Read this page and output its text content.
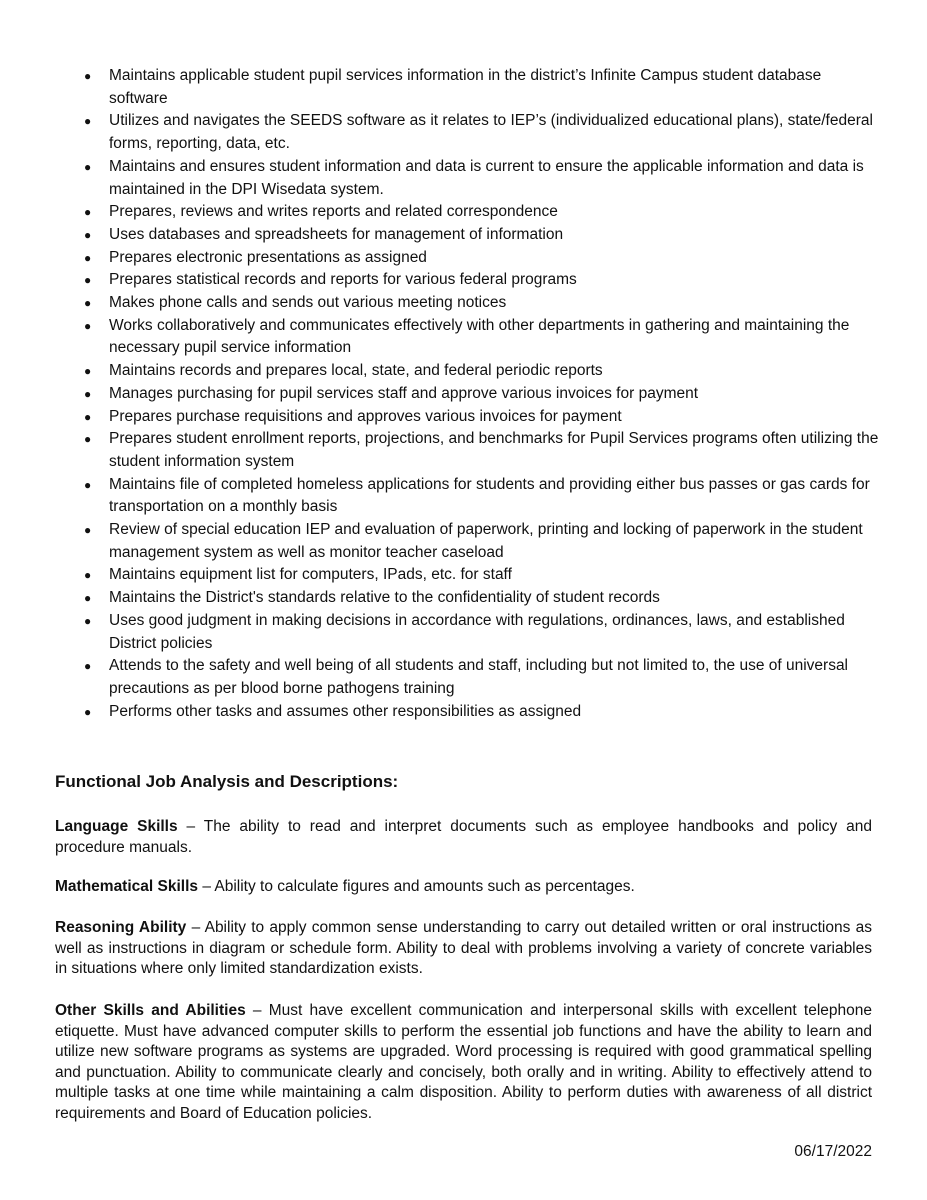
● Maintains applicable student pupil services information in the district’s Infinite Campus student database software
● Utilizes and navigates the SEEDS software as it relates to IEP’s (individualized educational plans), state/federal forms, reporting, data, etc.
● Maintains and ensures student information and data is current to ensure the applicable information and data is maintained in the DPI Wisedata system.
● Prepares, reviews and writes reports and related correspondence
● Uses databases and spreadsheets for management of information
● Prepares electronic presentations as assigned
● Prepares statistical records and reports for various federal programs
● Makes phone calls and sends out various meeting notices
● Works collaboratively and communicates effectively with other departments in gathering and maintaining the necessary pupil service information
● Maintains records and prepares local, state, and federal periodic reports
● Manages purchasing for pupil services staff and approve various invoices for payment
● Prepares purchase requisitions and approves various invoices for payment
● Prepares student enrollment reports, projections, and benchmarks for Pupil Services programs often utilizing the student information system
● Maintains file of completed homeless applications for students and providing either bus passes or gas cards for transportation on a monthly basis
● Review of special education IEP and evaluation of paperwork, printing and locking of paperwork in the student management system as well as monitor teacher caseload
● Maintains equipment list for computers, IPads, etc. for staff
● Maintains the District's standards relative to the confidentiality of student records
● Uses good judgment in making decisions in accordance with regulations, ordinances, laws, and established District policies
● Attends to the safety and well being of all students and staff, including but not limited to, the use of universal precautions as per blood borne pathogens training
● Performs other tasks and assumes other responsibilities as assigned
Functional Job Analysis and Descriptions:

Language Skills – The ability to read and interpret documents such as employee handbooks and policy and procedure manuals.

Mathematical Skills – Ability to calculate figures and amounts such as percentages.

Reasoning Ability – Ability to apply common sense understanding to carry out detailed written or oral instructions as well as instructions in diagram or schedule form. Ability to deal with problems involving a variety of concrete variables in situations where only limited standardization exists.

Other Skills and Abilities – Must have excellent communication and interpersonal skills with excellent telephone etiquette. Must have advanced computer skills to perform the essential job functions and have the ability to learn and utilize new software programs as systems are upgraded. Word processing is required with good grammatical spelling and punctuation. Ability to communicate clearly and concisely, both orally and in writing. Ability to effectively attend to multiple tasks at one time while maintaining a calm disposition. Ability to perform duties with awareness of all district requirements and Board of Education policies.

06/17/2022
